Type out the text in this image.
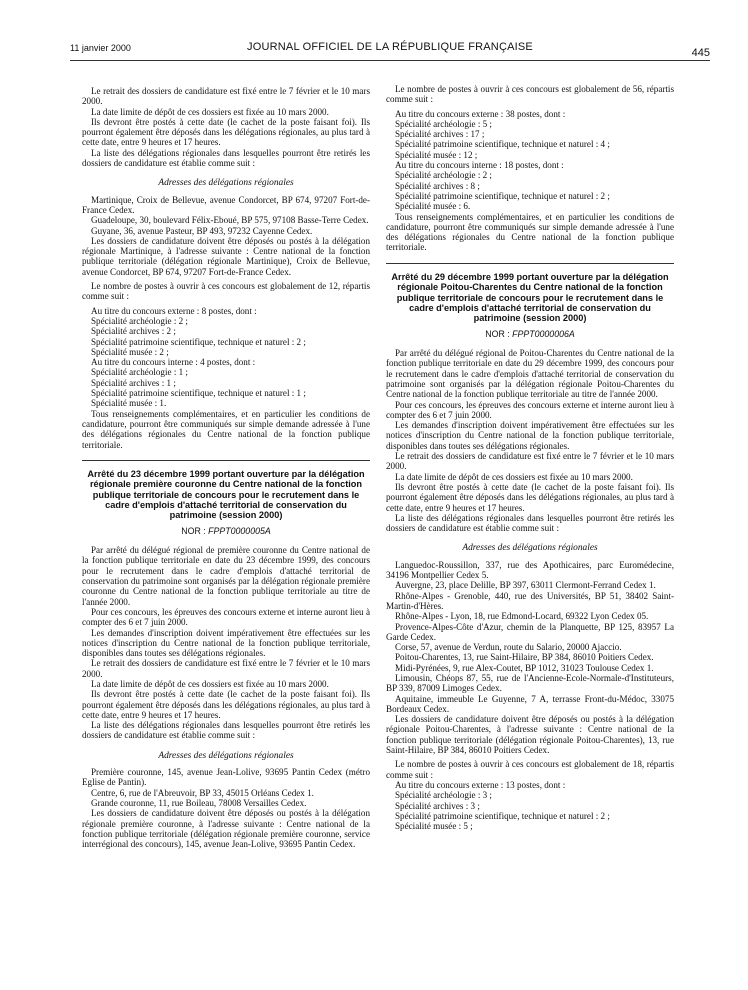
11 janvier 2000	JOURNAL OFFICIEL DE LA RÉPUBLIQUE FRANÇAISE	445

Le retrait des dossiers de candidature est fixé entre le 7 février et le 10 mars 2000.

La date limite de dépôt de ces dossiers est fixée au 10 mars 2000.

Ils devront être postés à cette date (le cachet de la poste faisant foi). Ils pourront également être déposés dans les délégations régionales, au plus tard à cette date, entre 9 heures et 17 heures.

La liste des délégations régionales dans lesquelles pourront être retirés les dossiers de candidature est établie comme suit :

Adresses des délégations régionales

Martinique, Croix de Bellevue, avenue Condorcet, BP 674, 97207 Fort-de-France Cedex.

Guadeloupe, 30, boulevard Félix-Eboué, BP 575, 97108 Basse-Terre Cedex.

Guyane, 36, avenue Pasteur, BP 493, 97232 Cayenne Cedex.

Les dossiers de candidature doivent être déposés ou postés à la délégation régionale Martinique, à l'adresse suivante : Centre national de la fonction publique territoriale (délégation régionale Martinique), Croix de Bellevue, avenue Condorcet, BP 674, 97207 Fort-de-France Cedex.

Le nombre de postes à ouvrir à ces concours est globalement de 12, répartis comme suit :

Au titre du concours externe : 8 postes, dont :

Spécialité archéologie : 2 ;

Spécialité archives : 2 ;

Spécialité patrimoine scientifique, technique et naturel : 2 ;

Spécialité musée : 2 ;

Au titre du concours interne : 4 postes, dont :

Spécialité archéologie : 1 ;

Spécialité archives : 1 ;

Spécialité patrimoine scientifique, technique et naturel : 1 ;

Spécialité musée : 1.

Tous renseignements complémentaires, et en particulier les conditions de candidature, pourront être communiqués sur simple demande adressée à l'une des délégations régionales du Centre national de la fonction publique territoriale.

Arrêté du 23 décembre 1999 portant ouverture par la délégation régionale première couronne du Centre national de la fonction publique territoriale de concours pour le recrutement dans le cadre d'emplois d'attaché territorial de conservation du patrimoine (session 2000)
NOR : FPPT0000005A

Par arrêté du délégué régional de première couronne du Centre national de la fonction publique territoriale en date du 23 décembre 1999, des concours pour le recrutement dans le cadre d'emplois d'attaché territorial de conservation du patrimoine sont organisés par la délégation régionale première couronne du Centre national de la fonction publique territoriale au titre de l'année 2000.

Pour ces concours, les épreuves des concours externe et interne auront lieu à compter des 6 et 7 juin 2000.

Les demandes d'inscription doivent impérativement être effectuées sur les notices d'inscription du Centre national de la fonction publique territoriale, disponibles dans toutes ses délégations régionales.

Le retrait des dossiers de candidature est fixé entre le 7 février et le 10 mars 2000.

La date limite de dépôt de ces dossiers est fixée au 10 mars 2000.

Ils devront être postés à cette date (le cachet de la poste faisant foi). Ils pourront également être déposés dans les délégations régionales, au plus tard à cette date, entre 9 heures et 17 heures.

La liste des délégations régionales dans lesquelles pourront être retirés les dossiers de candidature est établie comme suit :

Adresses des délégations régionales

Première couronne, 145, avenue Jean-Lolive, 93695 Pantin Cedex (métro Eglise de Pantin).

Centre, 6, rue de l'Abreuvoir, BP 33, 45015 Orléans Cedex 1.

Grande couronne, 11, rue Boileau, 78008 Versailles Cedex.

Les dossiers de candidature doivent être déposés ou postés à la délégation régionale première couronne, à l'adresse suivante : Centre national de la fonction publique territoriale (délégation régionale première couronne, service interrégional des concours), 145, avenue Jean-Lolive, 93695 Pantin Cedex.

Le nombre de postes à ouvrir à ces concours est globalement de 56, répartis comme suit :

Au titre du concours externe : 38 postes, dont :

Spécialité archéologie : 5 ;

Spécialité archives : 17 ;

Spécialité patrimoine scientifique, technique et naturel : 4 ;

Spécialité musée : 12 ;

Au titre du concours interne : 18 postes, dont :

Spécialité archéologie : 2 ;

Spécialité archives : 8 ;

Spécialité patrimoine scientifique, technique et naturel : 2 ;

Spécialité musée : 6.

Tous renseignements complémentaires, et en particulier les conditions de candidature, pourront être communiqués sur simple demande adressée à l'une des délégations régionales du Centre national de la fonction publique territoriale.

Arrêté du 29 décembre 1999 portant ouverture par la délégation régionale Poitou-Charentes du Centre national de la fonction publique territoriale de concours pour le recrutement dans le cadre d'emplois d'attaché territorial de conservation du patrimoine (session 2000)
NOR : FPPT0000006A

Par arrêté du délégué régional de Poitou-Charentes du Centre national de la fonction publique territoriale en date du 29 décembre 1999, des concours pour le recrutement dans le cadre d'emplois d'attaché territorial de conservation du patrimoine sont organisés par la délégation régionale Poitou-Charentes du Centre national de la fonction publique territoriale au titre de l'année 2000.

Pour ces concours, les épreuves des concours externe et interne auront lieu à compter des 6 et 7 juin 2000.

Les demandes d'inscription doivent impérativement être effectuées sur les notices d'inscription du Centre national de la fonction publique territoriale, disponibles dans toutes ses délégations régionales.

Le retrait des dossiers de candidature est fixé entre le 7 février et le 10 mars 2000.

La date limite de dépôt de ces dossiers est fixée au 10 mars 2000.

Ils devront être postés à cette date (le cachet de la poste faisant foi). Ils pourront également être déposés dans les délégations régionales, au plus tard à cette date, entre 9 heures et 17 heures.

La liste des délégations régionales dans lesquelles pourront être retirés les dossiers de candidature est établie comme suit :

Adresses des délégations régionales

Languedoc-Roussillon, 337, rue des Apothicaires, parc Euromédecine, 34196 Montpellier Cedex 5.

Auvergne, 23, place Delille, BP 397, 63011 Clermont-Ferrand Cedex 1.

Rhône-Alpes - Grenoble, 440, rue des Universités, BP 51, 38402 Saint-Martin-d'Hères.

Rhône-Alpes - Lyon, 18, rue Edmond-Locard, 69322 Lyon Cedex 05.

Provence-Alpes-Côte d'Azur, chemin de la Planquette, BP 125, 83957 La Garde Cedex.

Corse, 57, avenue de Verdun, route du Salario, 20000 Ajaccio.

Poitou-Charentes, 13, rue Saint-Hilaire, BP 384, 86010 Poitiers Cedex.

Midi-Pyrénées, 9, rue Alex-Coutet, BP 1012, 31023 Toulouse Cedex 1.

Limousin, Chéops 87, 55, rue de l'Ancienne-Ecole-Normale-d'Instituteurs, BP 339, 87009 Limoges Cedex.

Aquitaine, immeuble Le Guyenne, 7 A, terrasse Front-du-Médoc, 33075 Bordeaux Cedex.

Les dossiers de candidature doivent être déposés ou postés à la délégation régionale Poitou-Charentes, à l'adresse suivante : Centre national de la fonction publique territoriale (délégation régionale Poitou-Charentes), 13, rue Saint-Hilaire, BP 384, 86010 Poitiers Cedex.

Le nombre de postes à ouvrir à ces concours est globalement de 18, répartis comme suit :

Au titre du concours externe : 13 postes, dont :

Spécialité archéologie : 3 ;

Spécialité archives : 3 ;

Spécialité patrimoine scientifique, technique et naturel : 2 ;

Spécialité musée : 5 ;
